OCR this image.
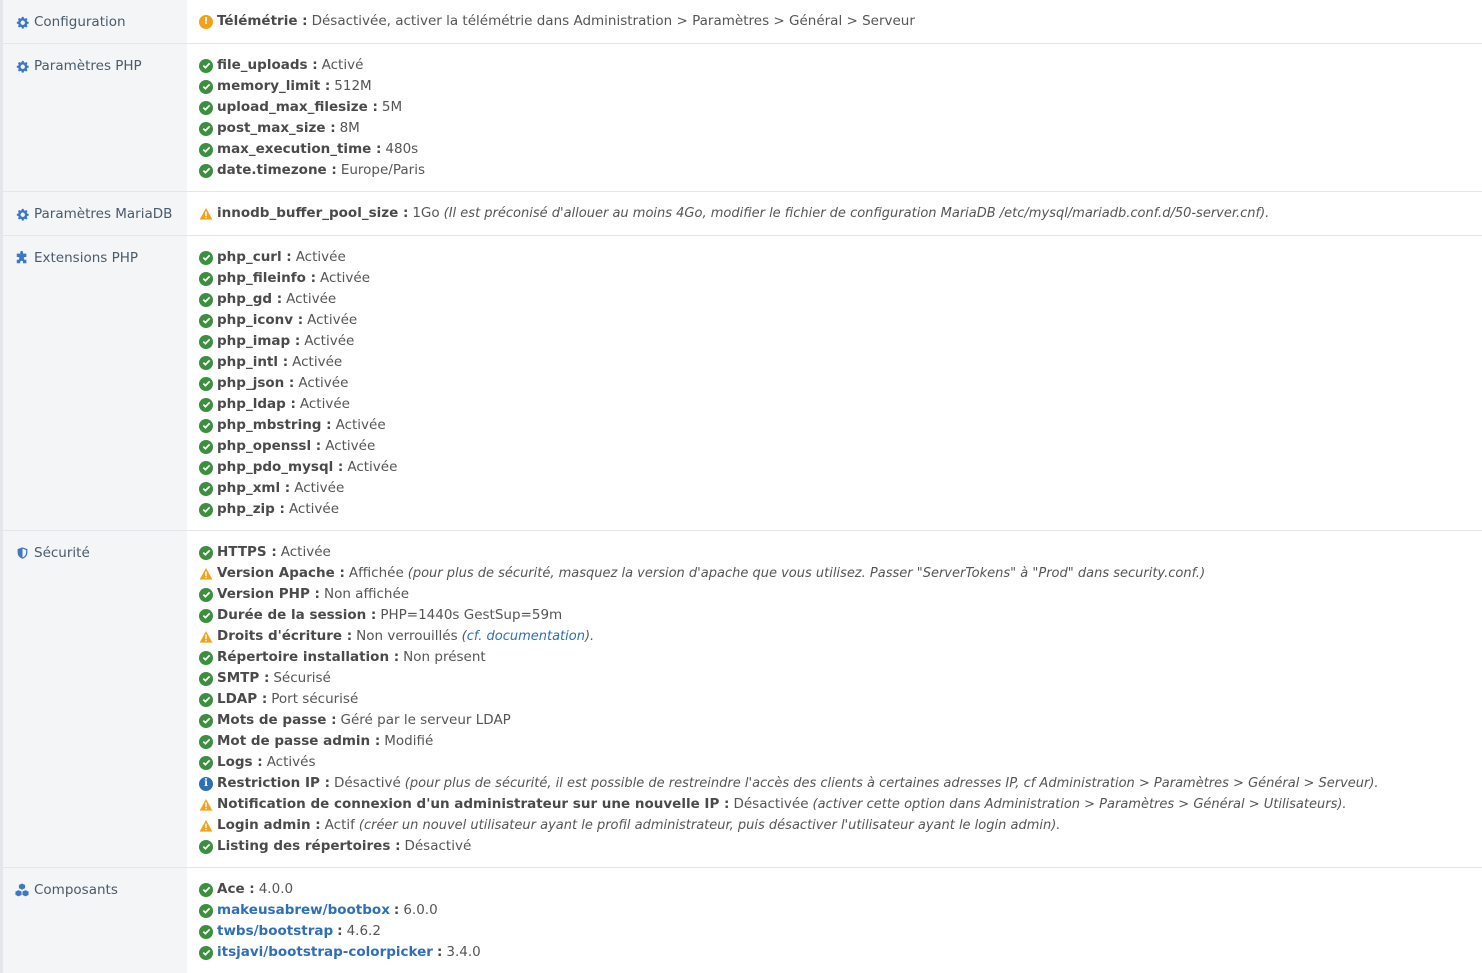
Configuration	! Télémétrie : Désactivée, activer la télémétrie dans Administration > Paramètres > Général > Serveur
Paramètres PHP	file_uploads : Activé
memory_limit : 512M
upload_max_filesize : 5M
post_max_size : 8M
max_execution_time : 480s
date.timezone : Europe/Paris
Paramètres MariaDB	innodb_buffer_pool_size : 1Go (Il est préconisé d'allouer au moins 4Go, modifier le fichier de configuration MariaDB /etc/mysql/mariadb.conf.d/50-server.cnf).
Extensions PHP	php_curl : Activée
php_fileinfo : Activée
php_gd : Activée
php_iconv : Activée
php_imap : Activée
php_intl : Activée
php_json : Activée
php_ldap : Activée
php_mbstring : Activée
php_openssl : Activée
php_pdo_mysql : Activée
php_xml : Activée
php_zip : Activée
Sécurité	HTTPS : Activée
Version Apache : Affichée (pour plus de sécurité, masquez la version d'apache que vous utilisez. Passer "ServerTokens" à "Prod" dans security.conf.)
Version PHP : Non affichée
Durée de la session : PHP=1440s GestSup=59m
Droits d'écriture : Non verrouillés (cf. documentation).
Répertoire installation : Non présent
SMTP : Sécurisé
LDAP : Port sécurisé
Mots de passe : Géré par le serveur LDAP
Mot de passe admin : Modifié
Logs : Activés
i Restriction IP : Désactivé (pour plus de sécurité, il est possible de restreindre l'accès des clients à certaines adresses IP, cf Administration > Paramètres > Général > Serveur).
Notification de connexion d'un administrateur sur une nouvelle IP : Désactivée (activer cette option dans Administration > Paramètres > Général > Utilisateurs).
Login admin : Actif (créer un nouvel utilisateur ayant le profil administrateur, puis désactiver l'utilisateur ayant le login admin).
Listing des répertoires : Désactivé
Composants	Ace : 4.0.0
makeusabrew/bootbox : 6.0.0
twbs/bootstrap : 4.6.2
itsjavi/bootstrap-colorpicker : 3.4.0
